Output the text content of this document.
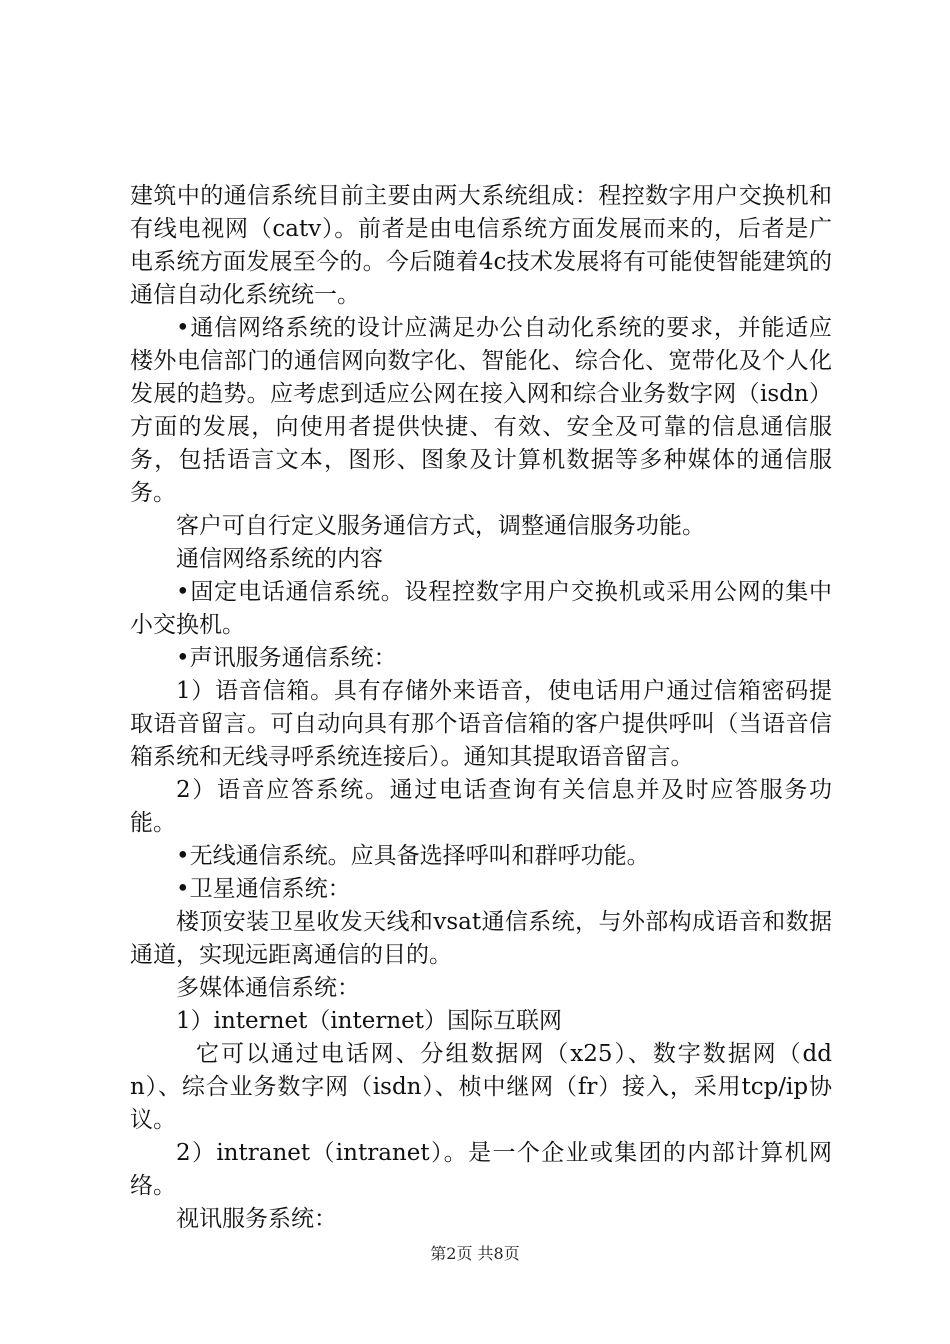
建筑中的通信系统目前主要由两大系统组成：程控数字用户交换机和有线电视网（catv）。前者是由电信系统方面发展而来的，后者是广电系统方面发展至今的。今后随着4c技术发展将有可能使智能建筑的通信自动化系统统一。

•通信网络系统的设计应满足办公自动化系统的要求，并能适应楼外电信部门的通信网向数字化、智能化、综合化、宽带化及个人化发展的趋势。应考虑到适应公网在接入网和综合业务数字网（isdn）方面的发展，向使用者提供快捷、有效、安全及可靠的信息通信服务，包括语言文本，图形、图象及计算机数据等多种媒体的通信服务。

客户可自行定义服务通信方式，调整通信服务功能。

通信网络系统的内容

•固定电话通信系统。设程控数字用户交换机或采用公网的集中小交换机。

•声讯服务通信系统：

1）语音信箱。具有存储外来语音，使电话用户通过信箱密码提取语音留言。可自动向具有那个语音信箱的客户提供呼叫（当语音信箱系统和无线寻呼系统连接后）。通知其提取语音留言。

2）语音应答系统。通过电话查询有关信息并及时应答服务功能。

•无线通信系统。应具备选择呼叫和群呼功能。

•卫星通信系统：

楼顶安装卫星收发天线和vsat通信系统，与外部构成语音和数据通道，实现远距离通信的目的。

多媒体通信系统：

1）internet（internet）国际互联网

它可以通过电话网、分组数据网（x25）、数字数据网（ddn）、综合业务数字网（isdn）、桢中继网（fr）接入，采用tcp/ip协议。

2）intranet（intranet）。是一个企业或集团的内部计算机网络。

视讯服务系统：

第2页 共8页
